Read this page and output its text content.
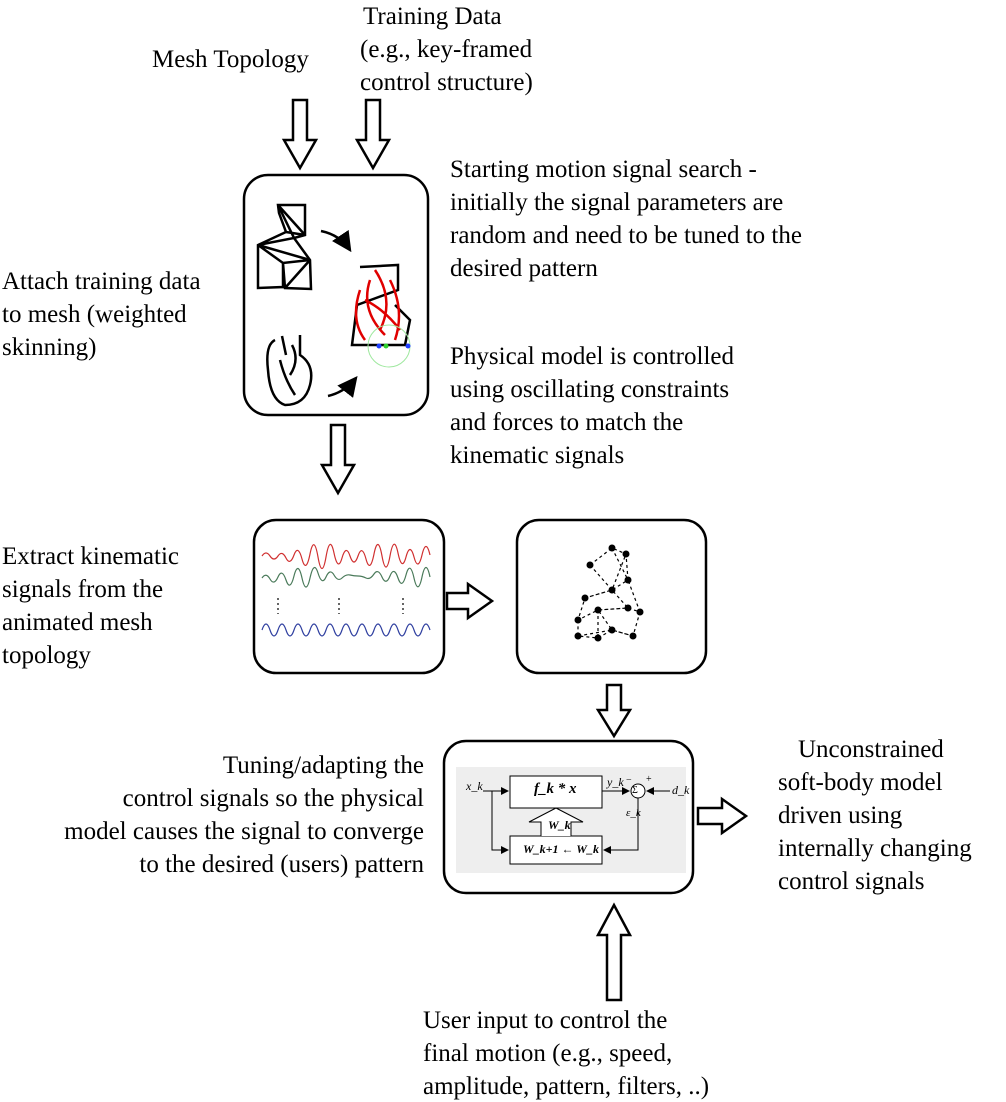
x_k	f_k * x	y_k
Σ
− +
d_k
ε_k
W_k
W_k+1 ← W_k
Training Data
(e.g., key-framed
control structure)
Mesh Topology
Starting motion signal search -
initially the signal parameters are
random and need to be tuned to the
desired pattern
Attach training data
to mesh (weighted
skinning)	Physical model is controlled
using oscillating constraints
and forces to match the
kinematic signals
Extract kinematic
signals from the
animated mesh
topology
Tuning/adapting the
control signals so the physical
model causes the signal to converge
to the desired (users) pattern
Unconstrained
soft-body model
driven using
internally changing
control signals
User input to control the
final motion (e.g., speed,
amplitude, pattern, filters, ..)
